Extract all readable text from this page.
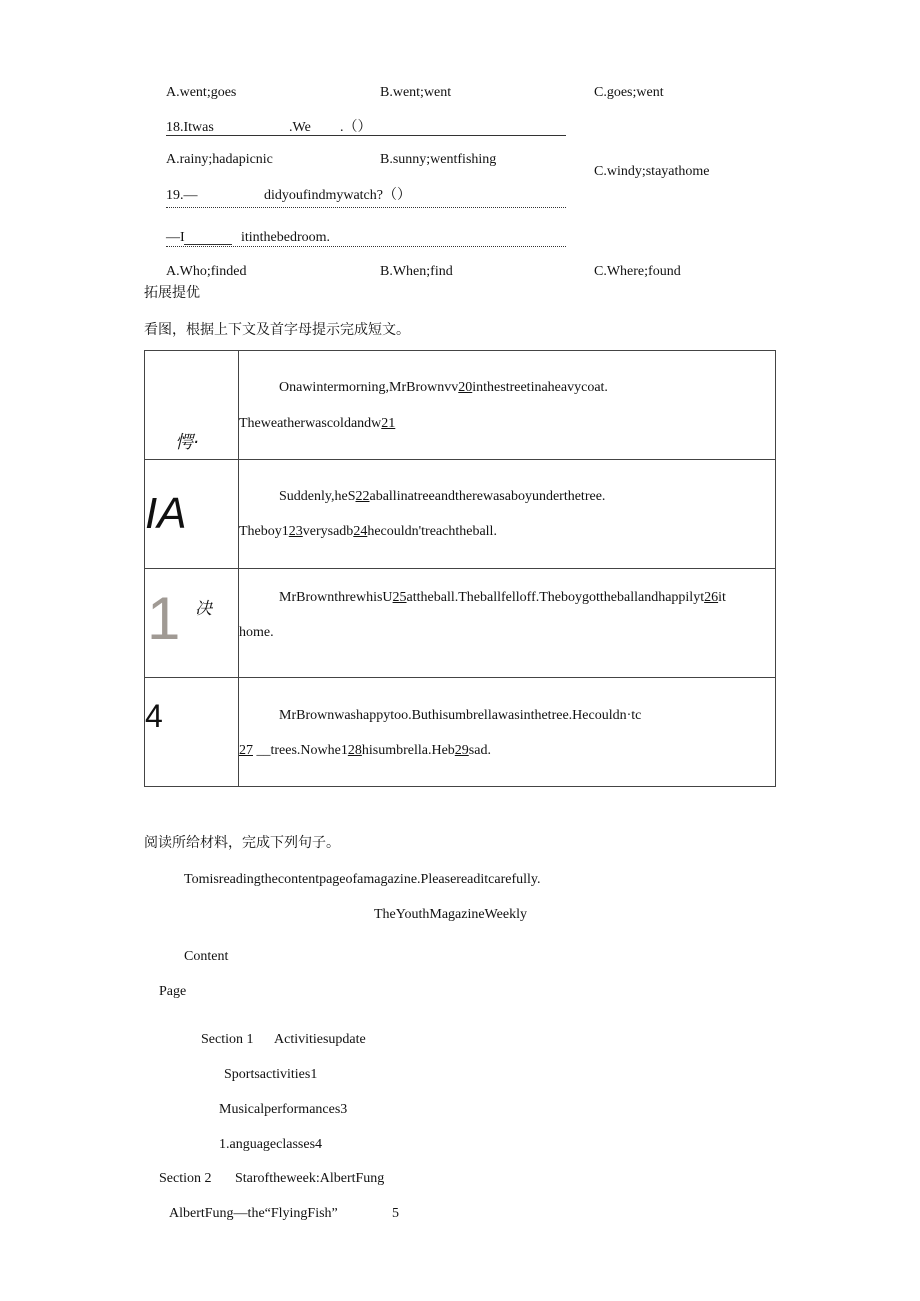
A.went;goes	B.went;went	C.goes;went
18.Itwas	.We .（）
A.rainy;hadapicnic	B.sunny;wentfishing
C.windy;stayathome
19.—	didyoufindmywatch?（）
—I	itinthebedroom.
A.Who;finded	B.When;find	C.Where;found
拓展提优
看图，根据上下文及首字母提示完成短文。
愕·	Onawintermorning,MrBrownvv20inthestreetinaheavycoat.
Theweatherwascoldandw21

IA	Suddenly,heS22aballinatreeandtherewasaboyunderthetree.
Theboy123verysadb24hecouldn'treachtheball.

1 决	MrBrownthrewhisU25attheball.Theballfelloff.Theboygottheballandhappilyt26it
home.

4	MrBrownwashappytoo.Buthisumbrellawasinthetree.Hecouldn·tc
27 __trees.Nowhe128hisumbrella.Heb29sad.
阅读所给材料，完成下列句子。
Tomisreadingthecontentpageofamagazine.Pleasereaditcarefully.
TheYouthMagazineWeekly
Content
Page
Section 1 Activitiesupdate
Sportsactivities1
Musicalperformances3
1.anguageclasses4
Section 2 Staroftheweek:AlbertFung
AlbertFung—the“FlyingFish”	5
